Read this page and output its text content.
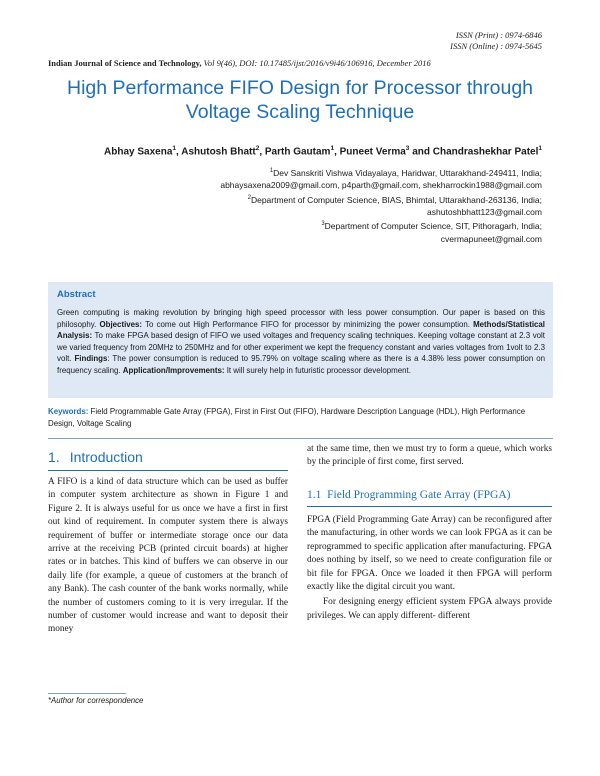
ISSN (Print) : 0974-6846
ISSN (Online) : 0974-5645
Indian Journal of Science and Technology, Vol 9(46), DOI: 10.17485/ijst/2016/v9i46/106916, December 2016
High Performance FIFO Design for Processor through
Voltage Scaling Technique
Abhay Saxena$^1$, Ashutosh Bhatt$^2$, Parth Gautam$^1$, Puneet Verma$^3$ and Chandrashekhar Patel$^1$
$^1$Dev Sanskriti Vishwa Vidayalaya, Haridwar, Uttarakhand-249411, India;
abhaysaxena2009@gmail.com, p4parth@gmail.com, shekharrockin1988@gmail.com
$^2$Department of Computer Science, BIAS, Bhimtal, Uttarakhand-263136, India;
ashutoshbhatt123@gmail.com
$^3$Department of Computer Science, SIT, Pithoragarh, India;
cvermapuneet@gmail.com
Abstract
Green computing is making revolution by bringing high speed processor with less power consumption. Our paper is based on this philosophy. Objectives: To come out High Performance FIFO for processor by minimizing the power consumption. Methods/Statistical Analysis: To make FPGA based design of FIFO we used voltages and frequency scaling techniques. Keeping voltage constant at 2.3 volt we varied frequency from 20MHz to 250MHz and for other experiment we kept the frequency constant and varies voltages from 1volt to 2.3 volt. Findings: The power consumption is reduced to 95.79% on voltage scaling where as there is a 4.38% less power consumption on frequency scaling. Application/Improvements: It will surely help in futuristic processor development.
Keywords: Field Programmable Gate Array (FPGA), First in First Out (FIFO), Hardware Description Language (HDL), High Performance Design, Voltage Scaling
1. Introduction

A FIFO is a kind of data structure which can be used as buffer in computer system architecture as shown in Figure 1 and Figure 2. It is always useful for us once we have a first in first out kind of requirement. In computer system there is always requirement of buffer or intermediate storage once our data arrive at the receiving PCB (printed circuit boards) at higher rates or in batches. This kind of buffers we can observe in our daily life (for example, a queue of customers at the branch of any Bank). The cash counter of the bank works normally, while the number of customers coming to it is very irregular. If the number of customer would increase and want to deposit their money

at the same time, then we must try to form a queue, which works by the principle of first come, first served.

1.1 Field Programming Gate Array (FPGA)

FPGA (Field Programming Gate Array) can be reconfigured after the manufacturing, in other words we can look FPGA as it can be reprogrammed to specific application after manufacturing. FPGA does nothing by itself, so we need to create configuration file or bit file for FPGA. Once we loaded it then FPGA will perform exactly like the digital circuit you want.

For designing energy efficient system FPGA always provide privileges. We can apply different- different

*Author for correspondence
